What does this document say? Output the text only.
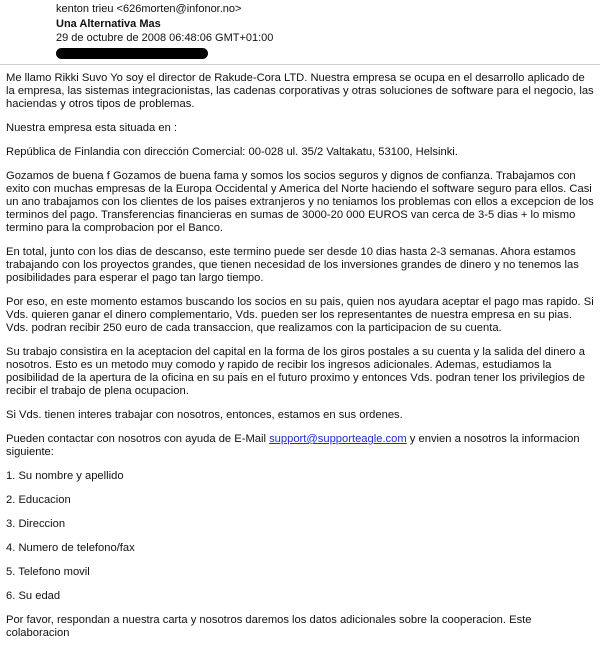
kenton trieu <626morten@infonor.no>
Una Alternativa Mas
29 de octubre de 2008 06:48:06 GMT+01:00

Me llamo Rikki Suvo Yo soy el director de Rakude-Cora LTD. Nuestra empresa se ocupa en el desarrollo aplicado de la empresa, las sistemas integracionistas, las cadenas corporativas y otras soluciones de software para el negocio, las haciendas y otros tipos de problemas.

Nuestra empresa esta situada en :

República de Finlandia con dirección Comercial: 00-028 ul. 35/2 Valtakatu, 53100, Helsinki.

Gozamos de buena f Gozamos de buena fama y somos los socios seguros y dignos de confianza. Trabajamos con exito con muchas empresas de la Europa Occidental y America del Norte haciendo el software seguro para ellos. Casi un ano trabajamos con los clientes de los paises extranjeros y no teniamos los problemas con ellos a excepcion de los terminos del pago. Transferencias financieras en sumas de 3000-20 000 EUROS van cerca de 3-5 dias + lo mismo termino para la comprobacion por el Banco.

En total, junto con los dias de descanso, este termino puede ser desde 10 dias hasta 2-3 semanas. Ahora estamos trabajando con los proyectos grandes, que tienen necesidad de los inversiones grandes de dinero y no tenemos las posibilidades para esperar el pago tan largo tiempo.

Por eso, en este momento estamos buscando los socios en su pais, quien nos ayudara aceptar el pago mas rapido. Si Vds. quieren ganar el dinero complementario, Vds. pueden ser los representantes de nuestra empresa en su pias. Vds. podran recibir 250 euro de cada transaccion, que realizamos con la participacion de su cuenta.

Su trabajo consistira en la aceptacion del capital en la forma de los giros postales a su cuenta y la salida del dinero a nosotros. Esto es un metodo muy comodo y rapido de recibir los ingresos adicionales. Ademas, estudiamos la posibilidad de la apertura de la oficina en su pais en el futuro proximo y entonces Vds. podran tener los privilegios de recibir el trabajo de plena ocupacion.

Si Vds. tienen interes trabajar con nosotros, entonces, estamos en sus ordenes.

Pueden contactar con nosotros con ayuda de E-Mail support@supporteagle.com y envien a nosotros la informacion siguiente:

1. Su nombre y apellido

2. Educacion

3. Direccion

4. Numero de telefono/fax

5. Telefono movil

6. Su edad

Por favor, respondan a nuestra carta y nosotros daremos los datos adicionales sobre la cooperacion. Este colaboracion
